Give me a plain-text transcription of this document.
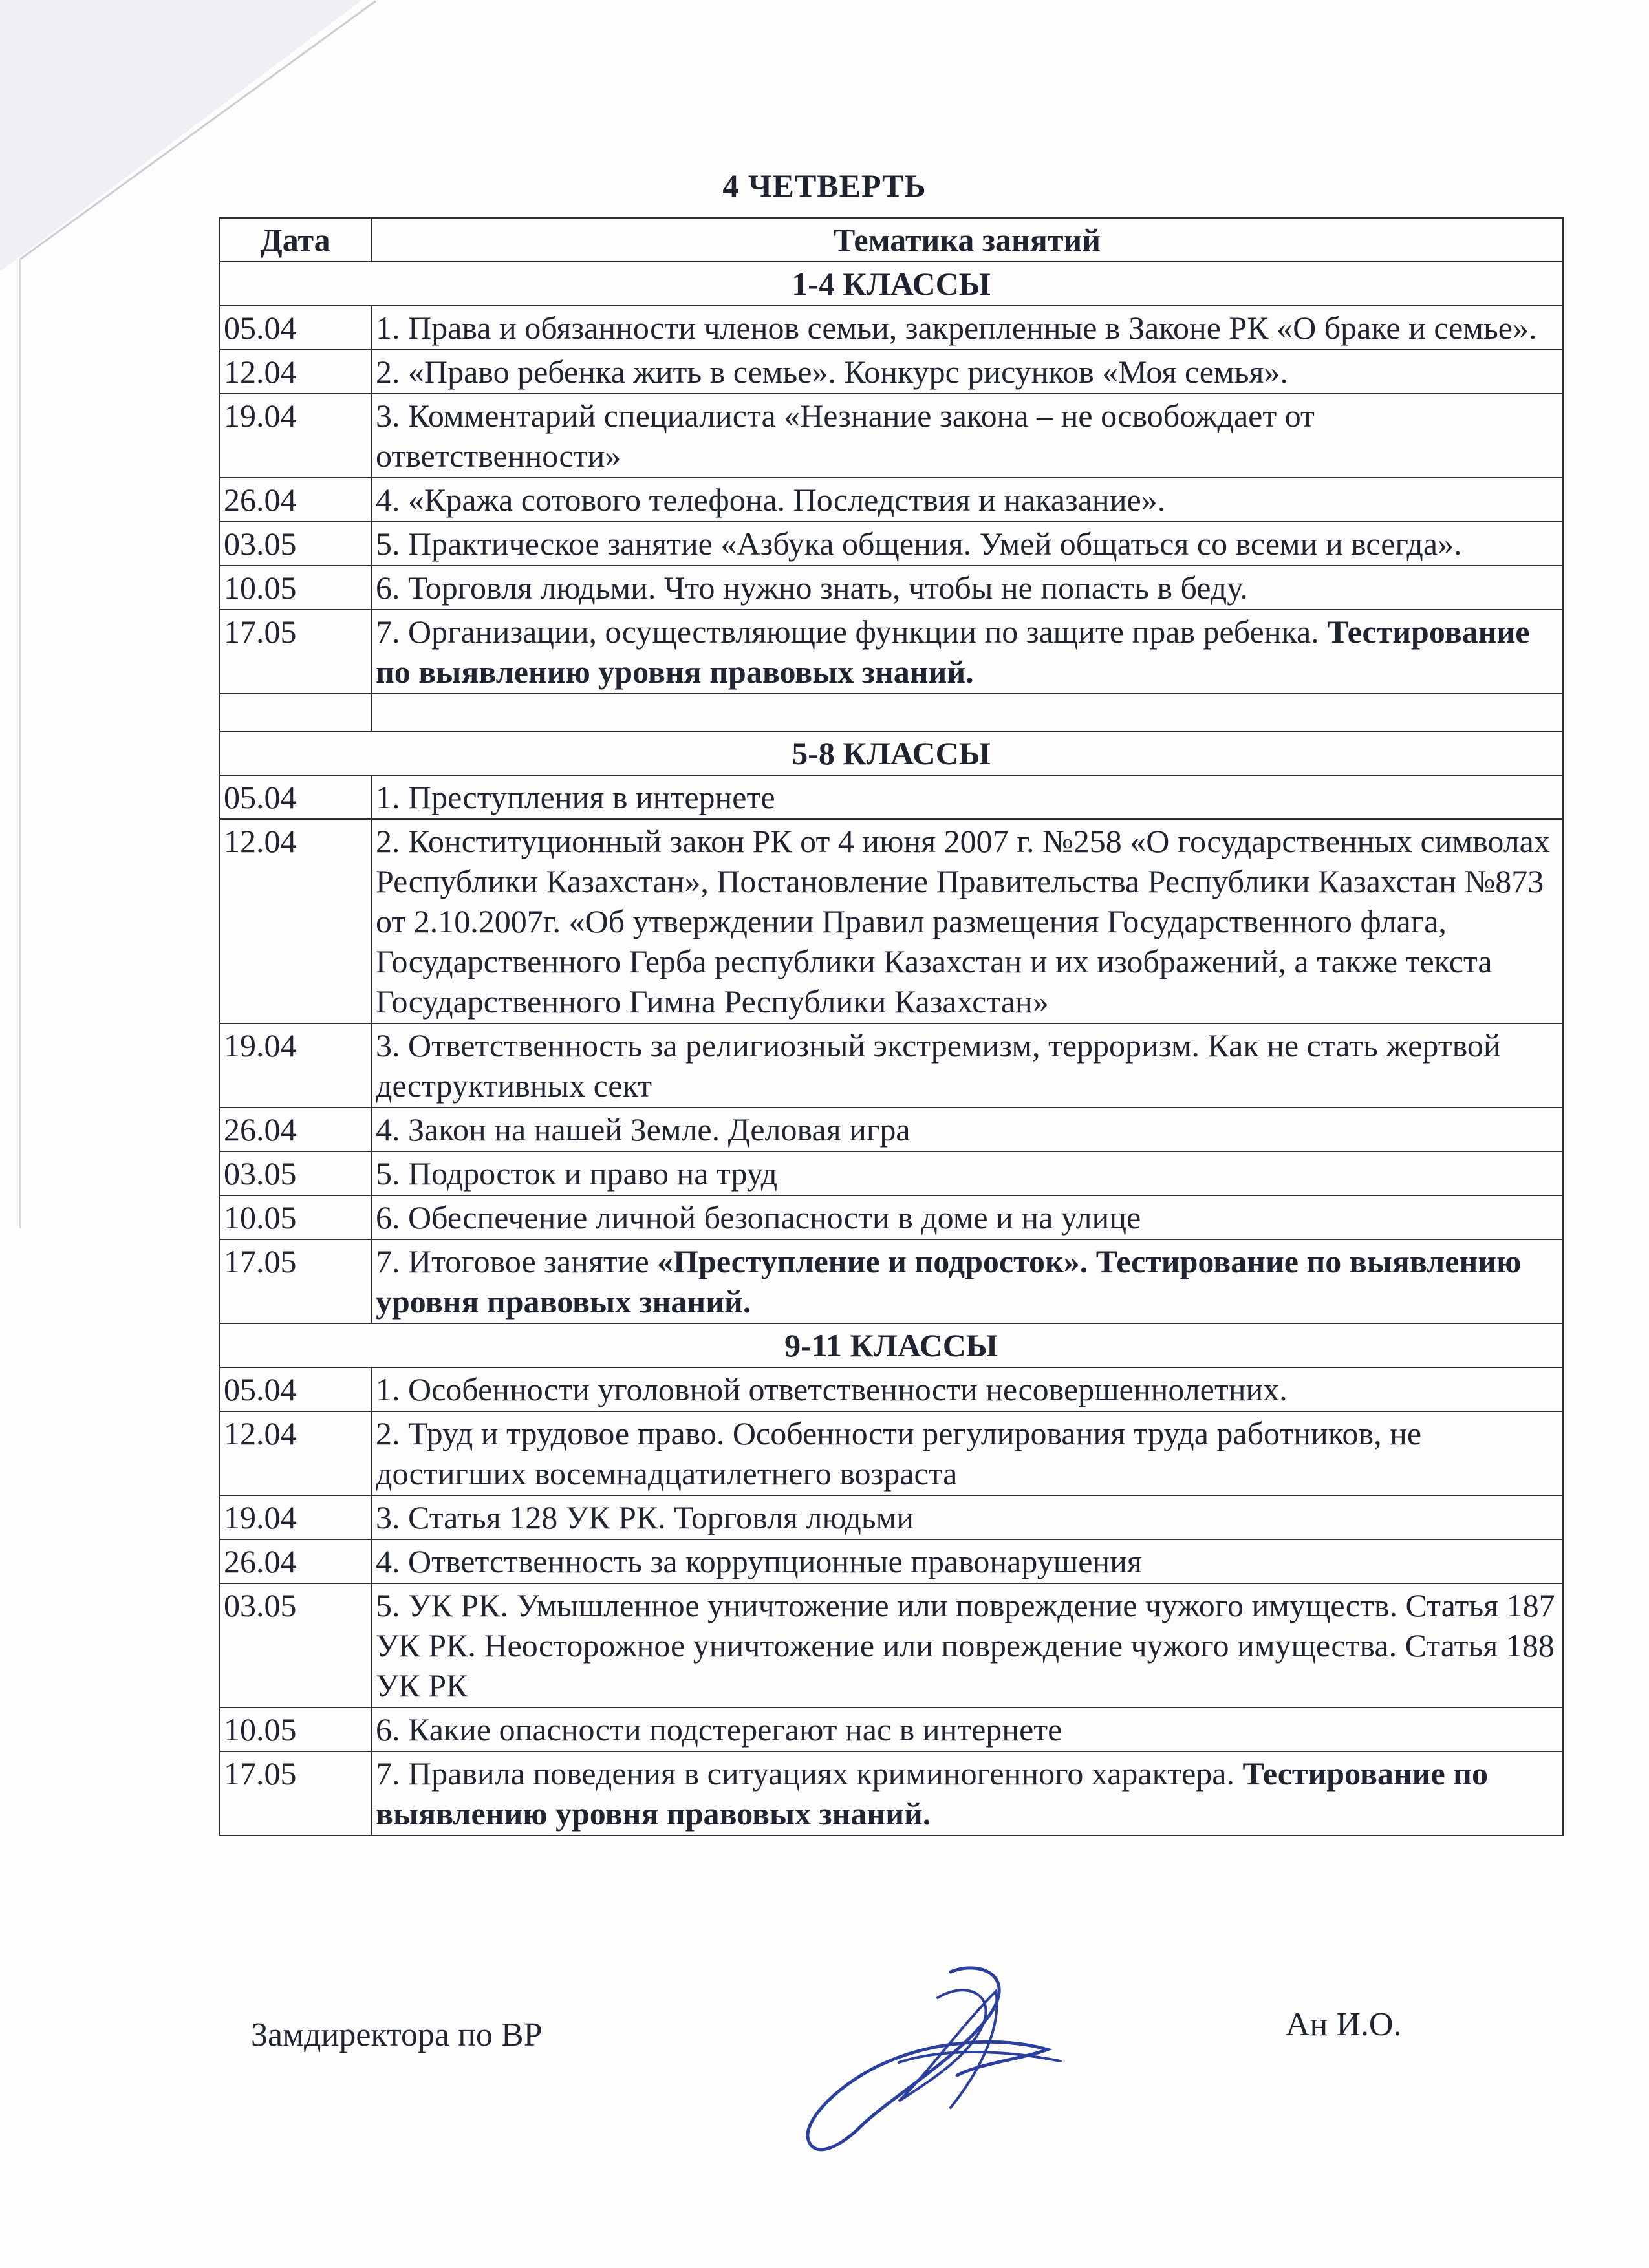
4 ЧЕТВЕРТЬ
Дата	Тематика занятий
1-4 КЛАССЫ	
05.04	1. Права и обязанности членов семьи, закрепленные в Законе РК «О браке и семье».
12.04	2. «Право ребенка жить в семье». Конкурс рисунков «Моя семья».
19.04	3. Комментарий специалиста «Незнание закона – не освобождает от ответственности»
26.04	4. «Кража сотового телефона. Последствия и наказание».
03.05	5. Практическое занятие «Азбука общения. Умей общаться со всеми и всегда».
10.05	6. Торговля людьми. Что нужно знать, чтобы не попасть в беду.
17.05	7. Организации, осуществляющие функции по защите прав ребенка. Тестирование по выявлению уровня правовых знаний.

5-8 КЛАССЫ	
05.04	1. Преступления в интернете
12.04	2. Конституционный закон РК от 4 июня 2007 г. №258 «О государственных символах Республики Казахстан», Постановление Правительства Республики Казахстан №873 от 2.10.2007г. «Об утверждении Правил размещения Государственного флага, Государственного Герба республики Казахстан и их изображений, а также текста Государственного Гимна Республики Казахстан»
19.04	3. Ответственность за религиозный экстремизм, терроризм. Как не стать жертвой деструктивных сект
26.04	4. Закон на нашей Земле. Деловая игра
03.05	5. Подросток и право на труд
10.05	6. Обеспечение личной безопасности в доме и на улице
17.05	7. Итоговое занятие «Преступление и подросток». Тестирование по выявлению уровня правовых знаний.
9-11 КЛАССЫ	
05.04	1. Особенности уголовной ответственности несовершеннолетних.
12.04	2. Труд и трудовое право. Особенности регулирования труда работников, не достигших восемнадцатилетнего возраста
19.04	3. Статья 128 УК РК. Торговля людьми
26.04	4. Ответственность за коррупционные правонарушения
03.05	5. УК РК. Умышленное уничтожение или повреждение чужого имуществ. Статья 187 УК РК. Неосторожное уничтожение или повреждение чужого имущества. Статья 188 УК РК
10.05	6. Какие опасности подстерегают нас в интернете
17.05	7. Правила поведения в ситуациях криминогенного характера. Тестирование по выявлению уровня правовых знаний.
Замдиректора по ВР	Ан И.О.
